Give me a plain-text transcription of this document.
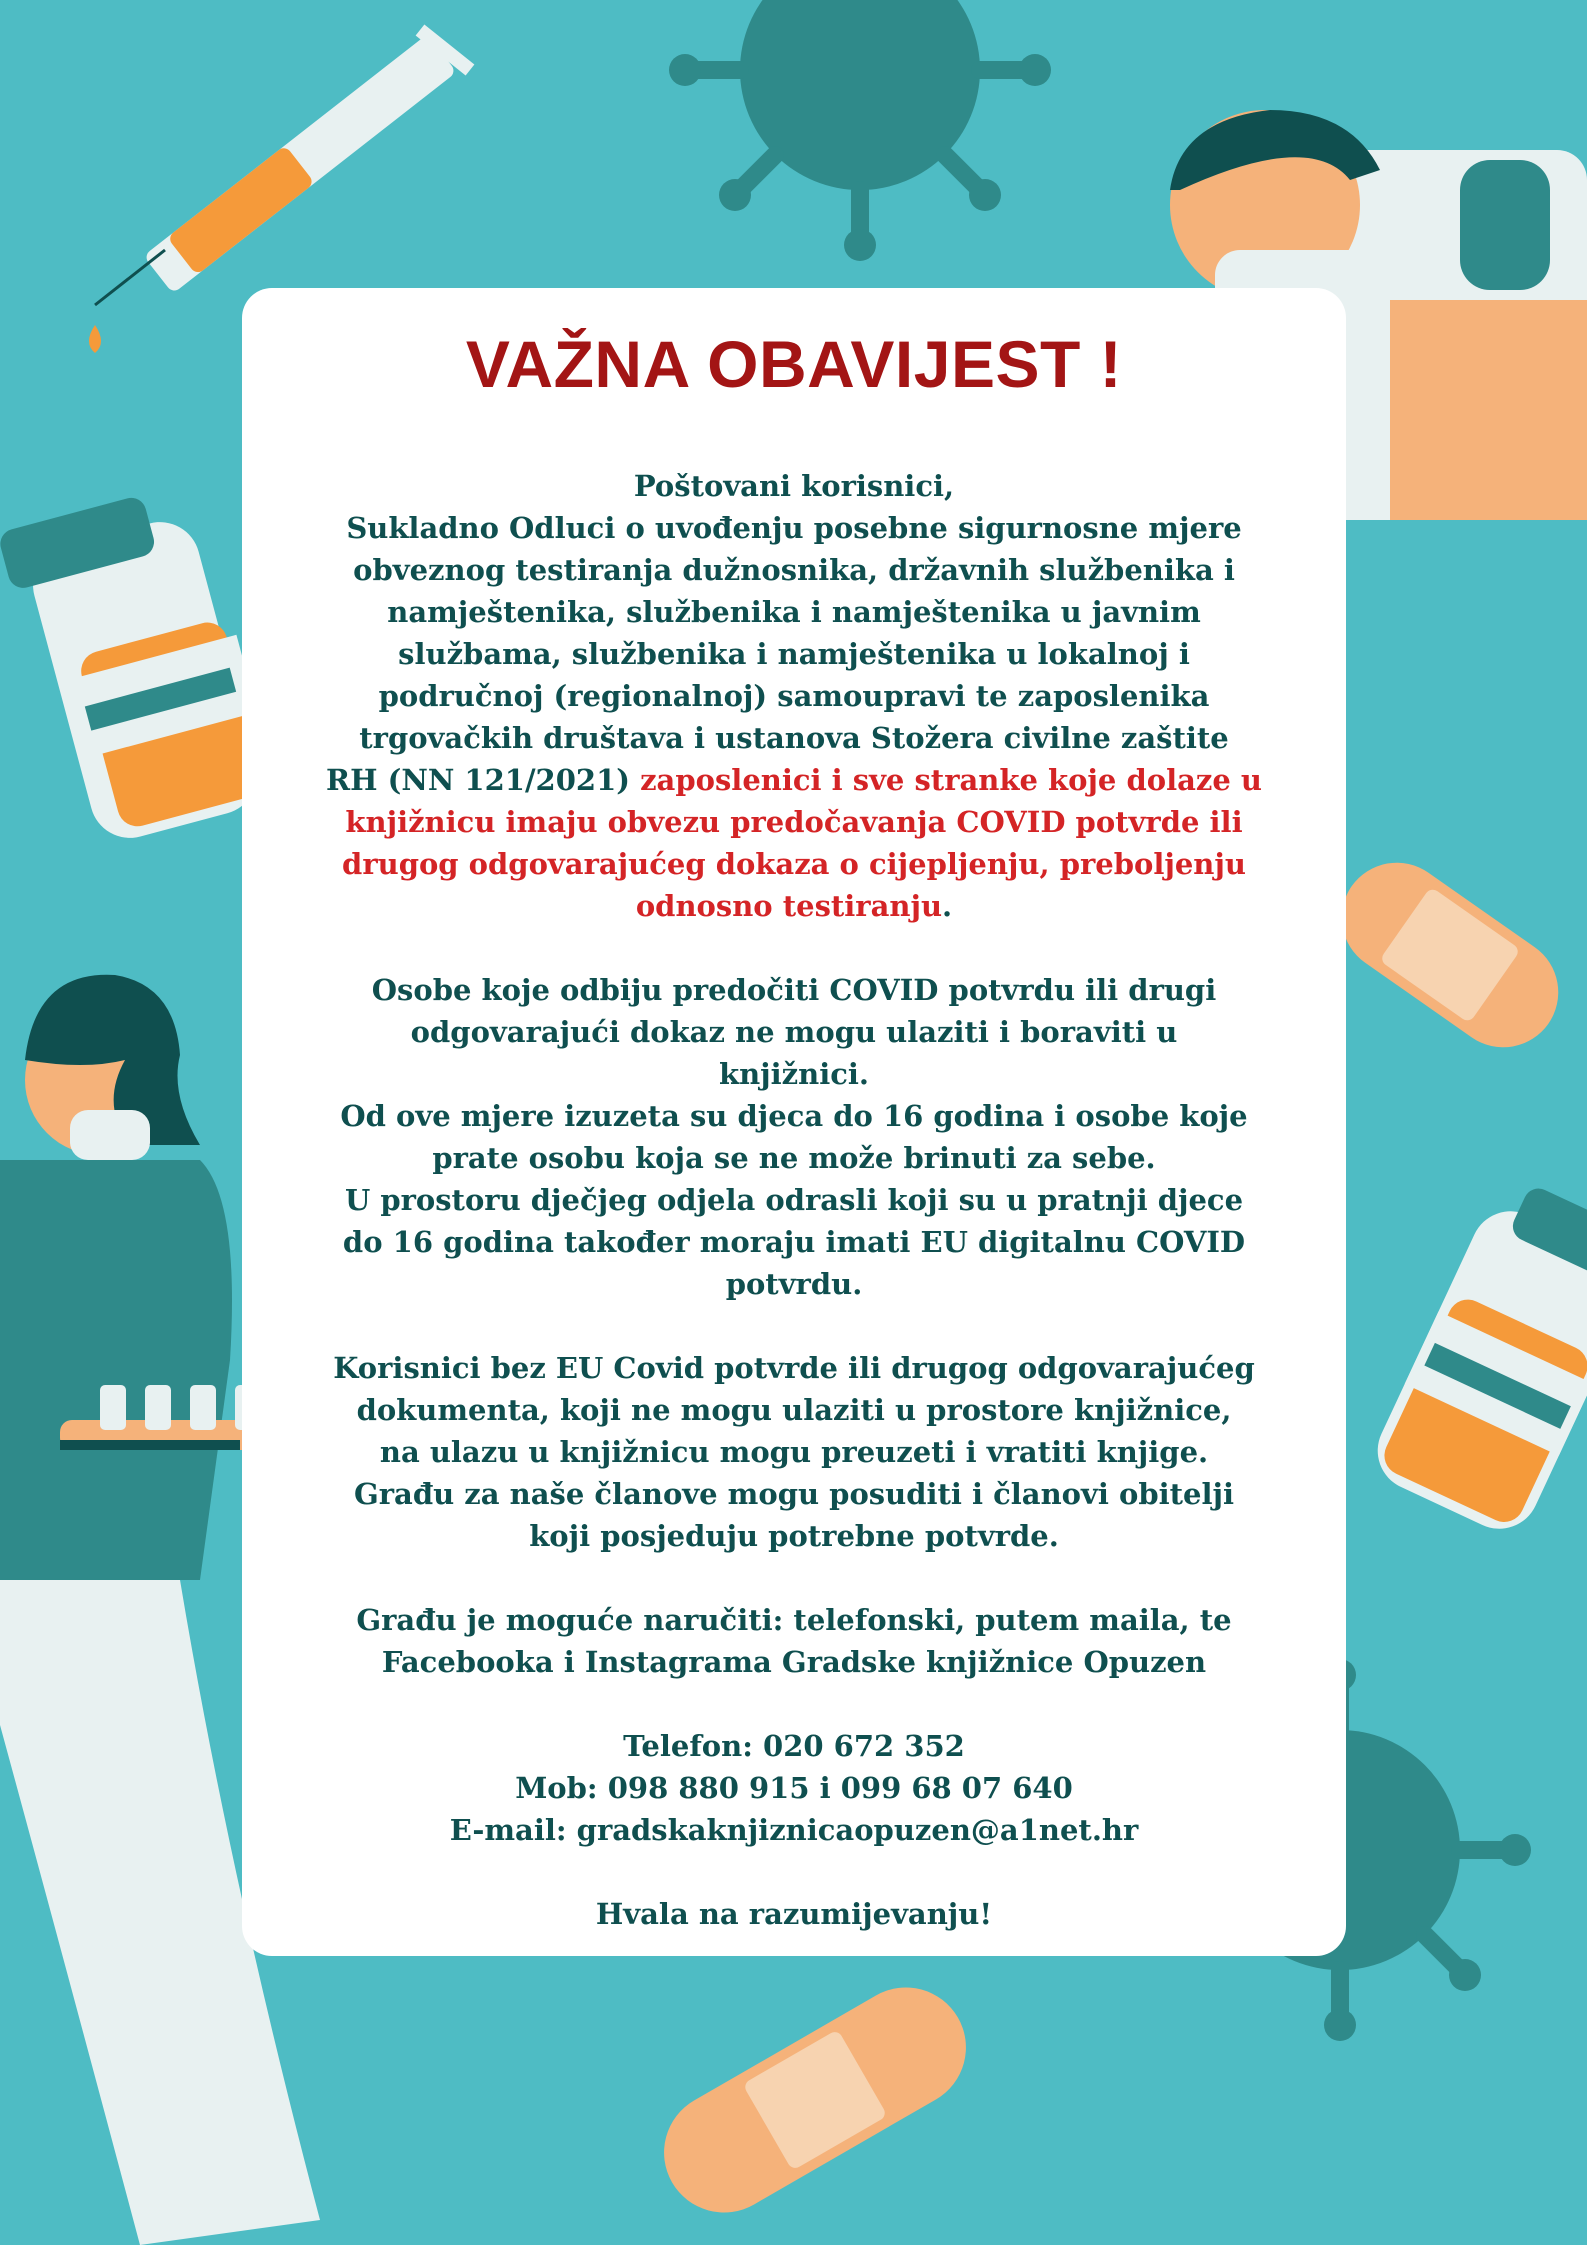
VAŽNA OBAVIJEST !
Poštovani korisnici,
Sukladno Odluci o uvođenju posebne sigurnosne mjere
obveznog testiranja dužnosnika, državnih službenika i
namještenika, službenika i namještenika u javnim
službama, službenika i namještenika u lokalnoj i
područnoj (regionalnoj) samoupravi te zaposlenika
trgovačkih društava i ustanova Stožera civilne zaštite
RH (NN 121/2021) zaposlenici i sve stranke koje dolaze u
knjižnicu imaju obvezu predočavanja COVID potvrde ili
drugog odgovarajućeg dokaza o cijepljenju, preboljenju
odnosno testiranju.
Osobe koje odbiju predočiti COVID potvrdu ili drugi
odgovarajući dokaz ne mogu ulaziti i boraviti u
knjižnici.
Od ove mjere izuzeta su djeca do 16 godina i osobe koje
prate osobu koja se ne može brinuti za sebe.
U prostoru dječjeg odjela odrasli koji su u pratnji djece
do 16 godina također moraju imati EU digitalnu COVID
potvrdu.
Korisnici bez EU Covid potvrde ili drugog odgovarajućeg
dokumenta, koji ne mogu ulaziti u prostore knjižnice,
na ulazu u knjižnicu mogu preuzeti i vratiti knjige.
Građu za naše članove mogu posuditi i članovi obitelji
koji posjeduju potrebne potvrde.
Građu je moguće naručiti: telefonski, putem maila, te
Facebooka i Instagrama Gradske knjižnice Opuzen
Telefon: 020 672 352
Mob: 098 880 915 i 099 68 07 640
E-mail: gradskaknjiznicaopuzen@a1net.hr
Hvala na razumijevanju!
